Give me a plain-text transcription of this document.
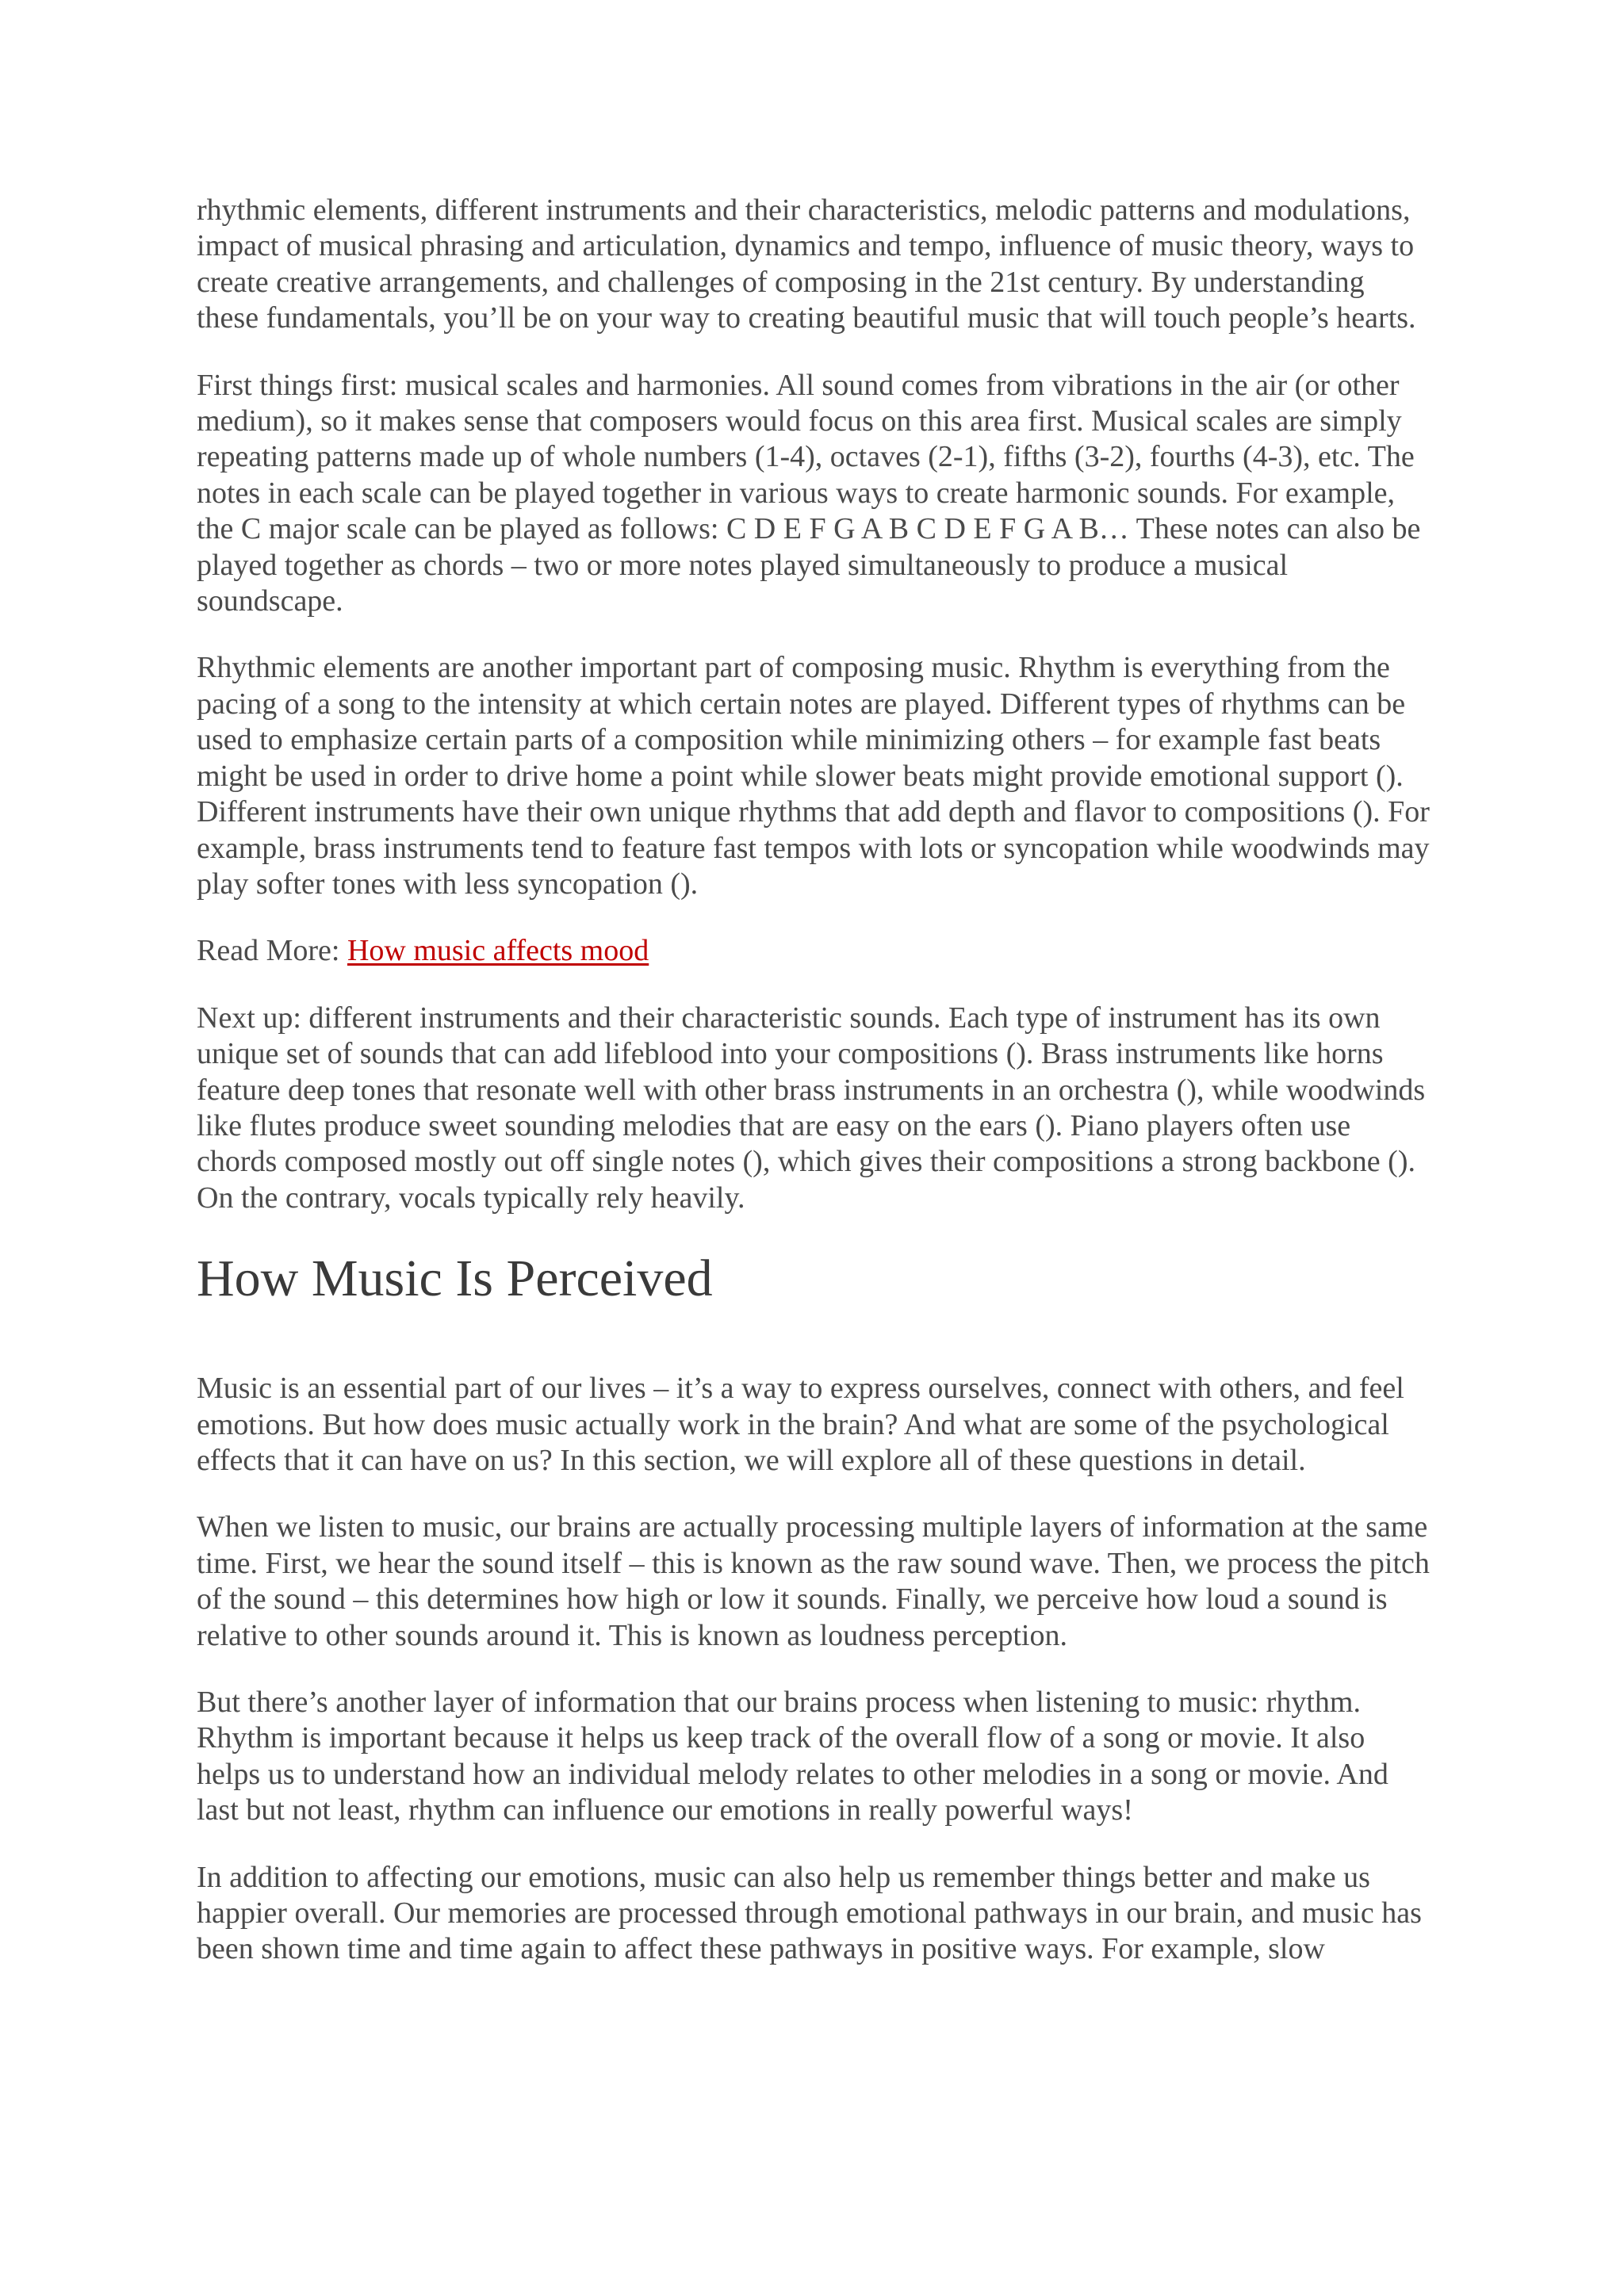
rhythmic elements, different instruments and their characteristics, melodic patterns and modulations, impact of musical phrasing and articulation, dynamics and tempo, influence of music theory, ways to create creative arrangements, and challenges of composing in the 21st century. By understanding these fundamentals, you’ll be on your way to creating beautiful music that will touch people’s hearts.

First things first: musical scales and harmonies. All sound comes from vibrations in the air (or other medium), so it makes sense that composers would focus on this area first. Musical scales are simply repeating patterns made up of whole numbers (1-4), octaves (2-1), fifths (3-2), fourths (4-3), etc. The notes in each scale can be played together in various ways to create harmonic sounds. For example, the C major scale can be played as follows: C D E F G A B C D E F G A B… These notes can also be played together as chords – two or more notes played simultaneously to produce a musical soundscape.

Rhythmic elements are another important part of composing music. Rhythm is everything from the pacing of a song to the intensity at which certain notes are played. Different types of rhythms can be used to emphasize certain parts of a composition while minimizing others – for example fast beats might be used in order to drive home a point while slower beats might provide emotional support (). Different instruments have their own unique rhythms that add depth and flavor to compositions (). For example, brass instruments tend to feature fast tempos with lots or syncopation while woodwinds may play softer tones with less syncopation ().

Read More: How music affects mood

Next up: different instruments and their characteristic sounds. Each type of instrument has its own unique set of sounds that can add lifeblood into your compositions (). Brass instruments like horns feature deep tones that resonate well with other brass instruments in an orchestra (), while woodwinds like flutes produce sweet sounding melodies that are easy on the ears (). Piano players often use chords composed mostly out off single notes (), which gives their compositions a strong backbone (). On the contrary, vocals typically rely heavily.

How Music Is Perceived

Music is an essential part of our lives – it’s a way to express ourselves, connect with others, and feel emotions. But how does music actually work in the brain? And what are some of the psychological effects that it can have on us? In this section, we will explore all of these questions in detail.

When we listen to music, our brains are actually processing multiple layers of information at the same time. First, we hear the sound itself – this is known as the raw sound wave. Then, we process the pitch of the sound – this determines how high or low it sounds. Finally, we perceive how loud a sound is relative to other sounds around it. This is known as loudness perception.

But there’s another layer of information that our brains process when listening to music: rhythm. Rhythm is important because it helps us keep track of the overall flow of a song or movie. It also helps us to understand how an individual melody relates to other melodies in a song or movie. And last but not least, rhythm can influence our emotions in really powerful ways!

In addition to affecting our emotions, music can also help us remember things better and make us happier overall. Our memories are processed through emotional pathways in our brain, and music has been shown time and time again to affect these pathways in positive ways. For example, slow
